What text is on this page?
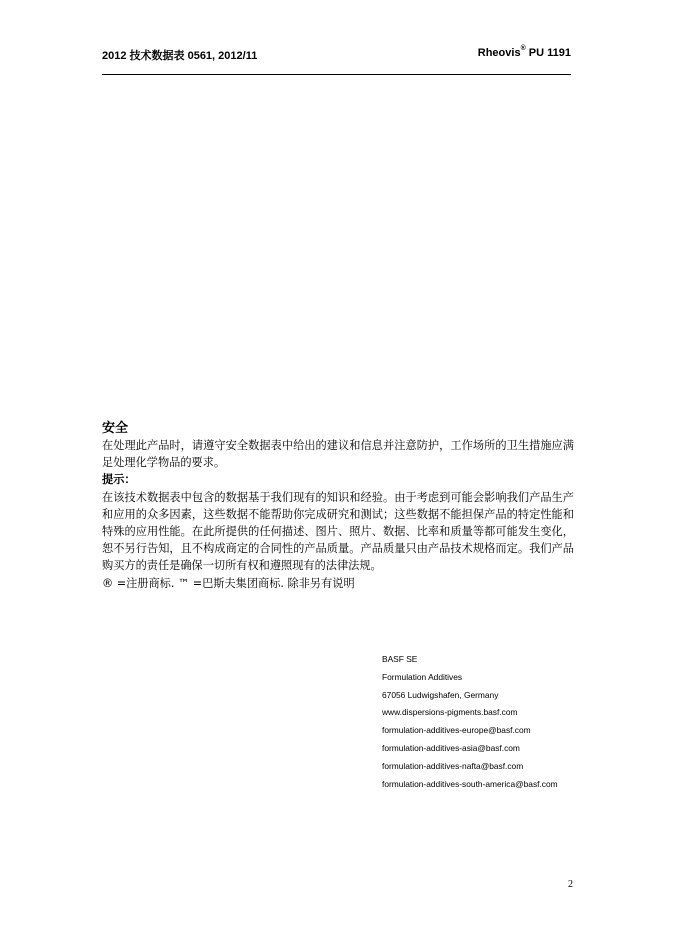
2012 技术数据表 0561, 2012/11	Rheovis® PU 1191
安全

在处理此产品时，请遵守安全数据表中给出的建议和信息并注意防护，工作场所的卫生措施应满足处理化学物品的要求。

提示：

在该技术数据表中包含的数据基于我们现有的知识和经验。由于考虑到可能会影响我们产品生产和应用的众多因素，这些数据不能帮助你完成研究和测试；这些数据不能担保产品的特定性能和特殊的应用性能。在此所提供的任何描述、图片、照片、数据、比率和质量等都可能发生变化，恕不另行告知，且不构成商定的合同性的产品质量。产品质量只由产品技术规格而定。我们产品购买方的责任是确保一切所有权和遵照现有的法律法规。

® =注册商标. ™ =巴斯夫集团商标. 除非另有说明

BASF SE
Formulation Additives
67056 Ludwigshafen, Germany
www.dispersions-pigments.basf.com
formulation-additives-europe@basf.com
formulation-additives-asia@basf.com
formulation-additives-nafta@basf.com
formulation-additives-south-america@basf.com
2
